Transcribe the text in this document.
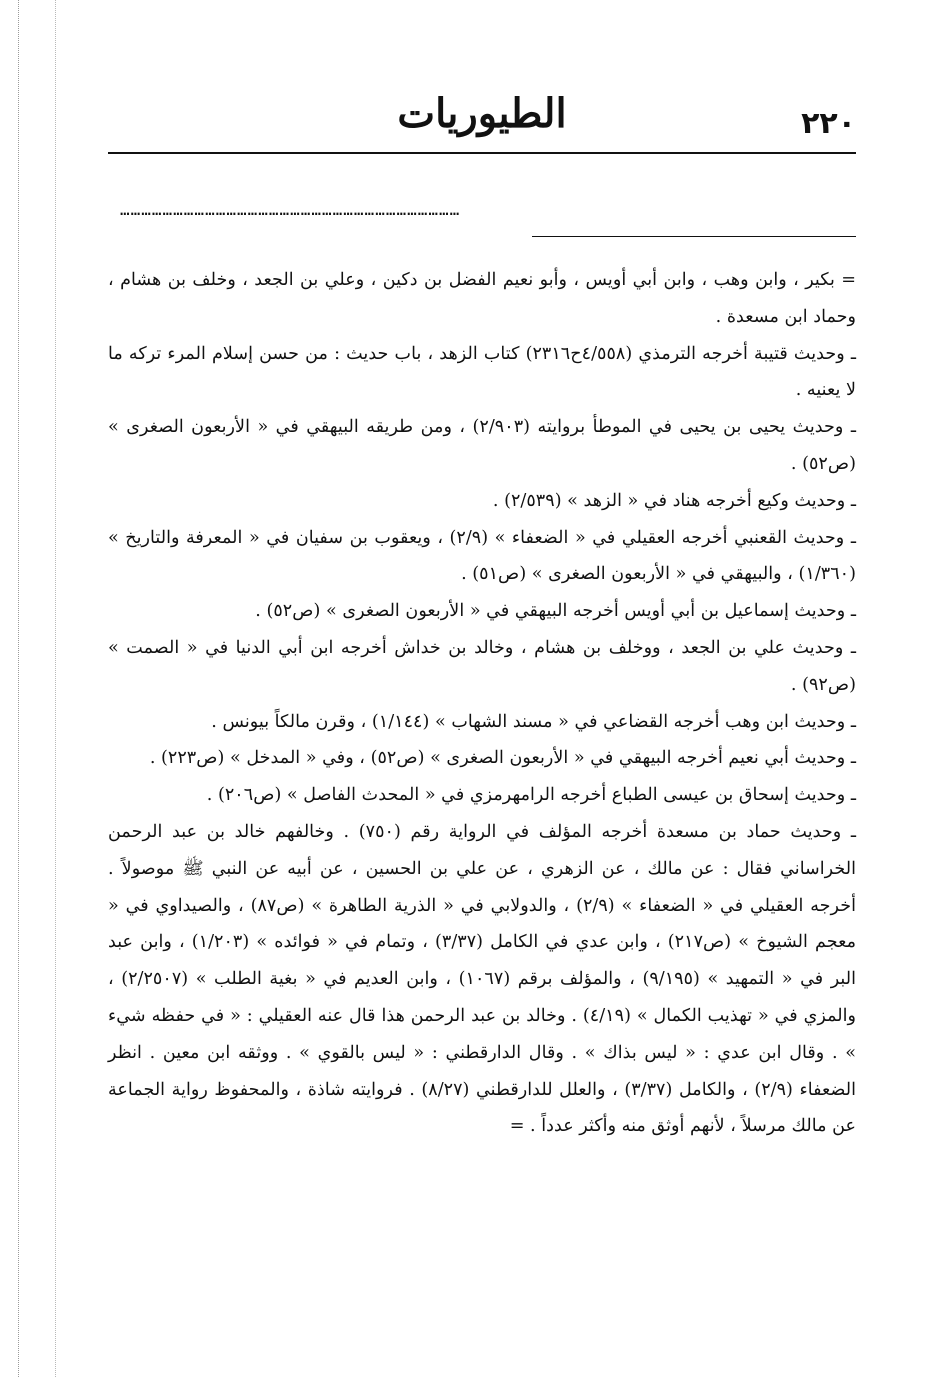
٢٢٠
الطيوريات
……………………………………………………………………………………

= بكير ، وابن وهب ، وابن أبي أويس ، وأبو نعيم الفضل بن دكين ، وعلي بن الجعد ، وخلف بن هشام ، وحماد ابن مسعدة .

ـ وحديث قتيبة أخرجه الترمذي (٤/٥٥٨ح٢٣١٦) كتاب الزهد ، باب حديث : من حسن إسلام المرء تركه ما لا يعنيه .

ـ وحديث يحيى بن يحيى في الموطأ بروايته (٢/٩٠٣) ، ومن طريقه البيهقي في « الأربعون الصغرى » (ص٥٢) .

ـ وحديث وكيع أخرجه هناد في « الزهد » (٢/٥٣٩) .

ـ وحديث القعنبي أخرجه العقيلي في « الضعفاء » (٢/٩) ، ويعقوب بن سفيان في « المعرفة والتاريخ » (١/٣٦٠) ، والبيهقي في « الأربعون الصغرى » (ص٥١) .

ـ وحديث إسماعيل بن أبي أويس أخرجه البيهقي في « الأربعون الصغرى » (ص٥٢) .

ـ وحديث علي بن الجعد ، ووخلف بن هشام ، وخالد بن خداش أخرجه ابن أبي الدنيا في « الصمت » (ص٩٢) .

ـ وحديث ابن وهب أخرجه القضاعي في « مسند الشهاب » (١/١٤٤) ، وقرن مالكاً بيونس .

ـ وحديث أبي نعيم أخرجه البيهقي في « الأربعون الصغرى » (ص٥٢) ، وفي « المدخل » (ص٢٢٣) .

ـ وحديث إسحاق بن عيسى الطباع أخرجه الرامهرمزي في « المحدث الفاصل » (ص٢٠٦) .

ـ وحديث حماد بن مسعدة أخرجه المؤلف في الرواية رقم (٧٥٠) . وخالفهم خالد بن عبد الرحمن الخراساني فقال : عن مالك ، عن الزهري ، عن علي بن الحسين ، عن أبيه عن النبي ﷺ موصولاً . أخرجه العقيلي في « الضعفاء » (٢/٩) ، والدولابي في « الذرية الطاهرة » (ص٨٧) ، والصيداوي في « معجم الشيوخ » (ص٢١٧) ، وابن عدي في الكامل (٣/٣٧) ، وتمام في « فوائده » (١/٢٠٣) ، وابن عبد البر في « التمهيد » (٩/١٩٥) ، والمؤلف برقم (١٠٦٧) ، وابن العديم في « بغية الطلب » (٢/٢٥٠٧) ، والمزي في « تهذيب الكمال » (٤/١٩) . وخالد بن عبد الرحمن هذا قال عنه العقيلي : « في حفظه شيء » . وقال ابن عدي : « ليس بذاك » . وقال الدارقطني : « ليس بالقوي » . ووثقه ابن معين . انظر الضعفاء (٢/٩) ، والكامل (٣/٣٧) ، والعلل للدارقطني (٨/٢٧) . فروايته شاذة ، والمحفوظ رواية الجماعة عن مالك مرسلاً ، لأنهم أوثق منه وأكثر عدداً . =
